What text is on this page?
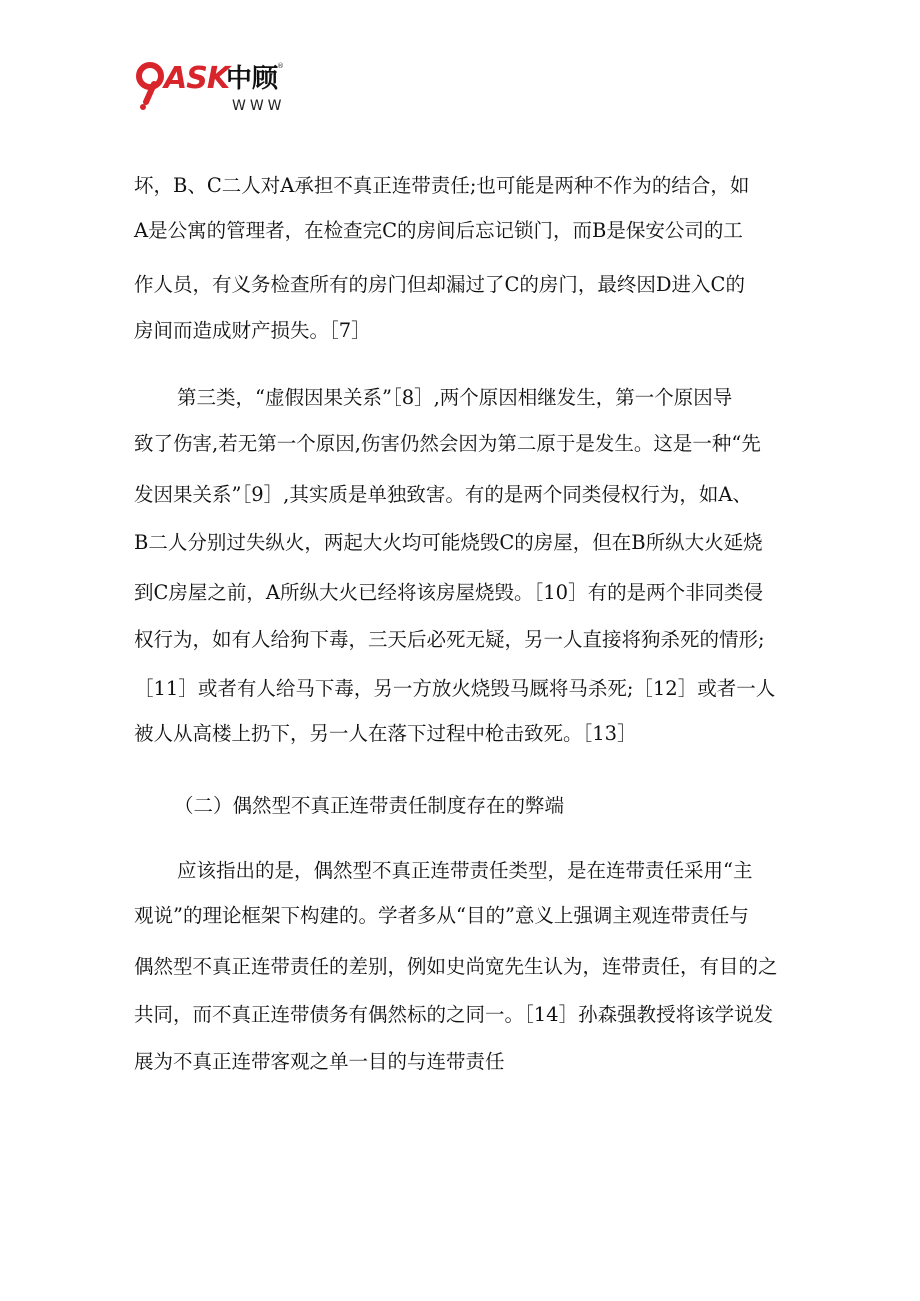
ASK
中顾
®
WWW
坏，B、C二人对A承担不真正连带责任;也可能是两种不作为的结合，如
A是公寓的管理者，在检查完C的房间后忘记锁门，而B是保安公司的工
作人员，有义务检查所有的房门但却漏过了C的房门，最终因D进入C的
房间而造成财产损失。［7］
第三类，“虚假因果关系”［8］,两个原因相继发生，第一个原因导
致了伤害,若无第一个原因,伤害仍然会因为第二原于是发生。这是一种“先
发因果关系”［9］,其实质是单独致害。有的是两个同类侵权行为，如A、
B二人分别过失纵火，两起大火均可能烧毁C的房屋，但在B所纵大火延烧
到C房屋之前，A所纵大火已经将该房屋烧毁。［10］有的是两个非同类侵
权行为，如有人给狗下毒，三天后必死无疑，另一人直接将狗杀死的情形;
［11］或者有人给马下毒，另一方放火烧毁马厩将马杀死;［12］或者一人
被人从高楼上扔下，另一人在落下过程中枪击致死。［13］
（二）偶然型不真正连带责任制度存在的弊端
应该指出的是，偶然型不真正连带责任类型，是在连带责任采用“主
观说”的理论框架下构建的。学者多从“目的”意义上强调主观连带责任与
偶然型不真正连带责任的差别，例如史尚宽先生认为，连带责任，有目的之
共同，而不真正连带债务有偶然标的之同一。［14］孙森强教授将该学说发
展为不真正连带客观之单一目的与连带责任
